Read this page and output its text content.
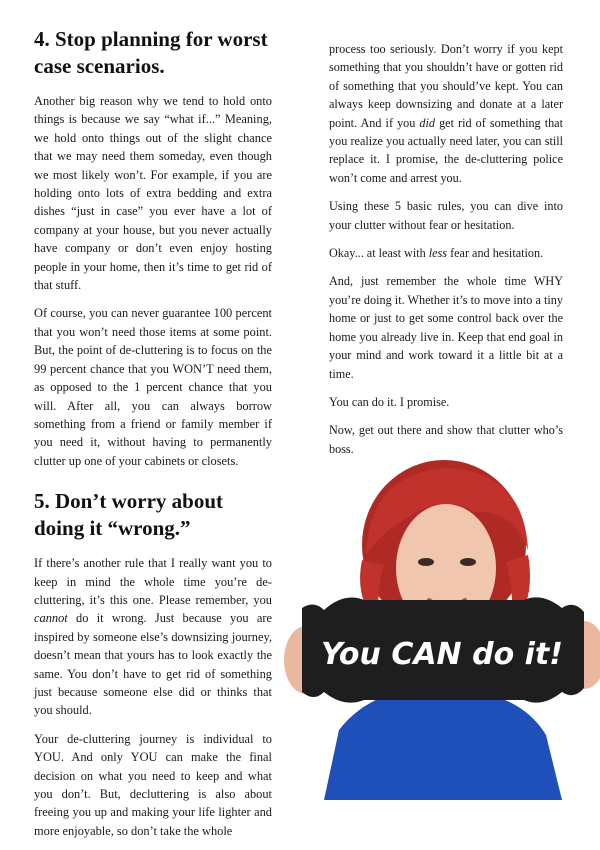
4. Stop planning for worst case scenarios.

Another big reason why we tend to hold onto things is because we say “what if...” Meaning, we hold onto things out of the slight chance that we may need them someday, even though we most likely won’t. For example, if you are holding onto lots of extra bedding and extra dishes “just in case” you ever have a lot of company at your house, but you never actually have company or don’t even enjoy hosting people in your home, then it’s time to get rid of that stuff.

Of course, you can never guarantee 100 percent that you won’t need those items at some point. But, the point of de-cluttering is to focus on the 99 percent chance that you WON’T need them, as opposed to the 1 percent chance that you will. After all, you can always borrow something from a friend or family member if you need it, without having to permanently clutter up one of your cabinets or closets.

5. Don’t worry about doing it “wrong.”

If there’s another rule that I really want you to keep in mind the whole time you’re de-cluttering, it’s this one. Please remember, you cannot do it wrong. Just because you are inspired by someone else’s downsizing journey, doesn’t mean that yours has to look exactly the same. You don’t have to get rid of something just because someone else did or thinks that you should.

Your de-cluttering journey is individual to YOU. And only YOU can make the final decision on what you need to keep and what you don’t. But, decluttering is also about freeing you up and making your life lighter and more enjoyable, so don’t take the whole

process too seriously. Don’t worry if you kept something that you shouldn’t have or gotten rid of something that you should’ve kept. You can always keep downsizing and donate at a later point. And if you did get rid of something that you realize you actually need later, you can still replace it. I promise, the de-cluttering police won’t come and arrest you.

Using these 5 basic rules, you can dive into your clutter without fear or hesitation.

Okay... at least with less fear and hesitation.

And, just remember the whole time WHY you’re doing it. Whether it’s to move into a tiny home or just to get some control back over the home you already live in. Keep that end goal in your mind and work toward it a little bit at a time.

You can do it. I promise.

Now, get out there and show that clutter who’s boss.

You CAN do it!
